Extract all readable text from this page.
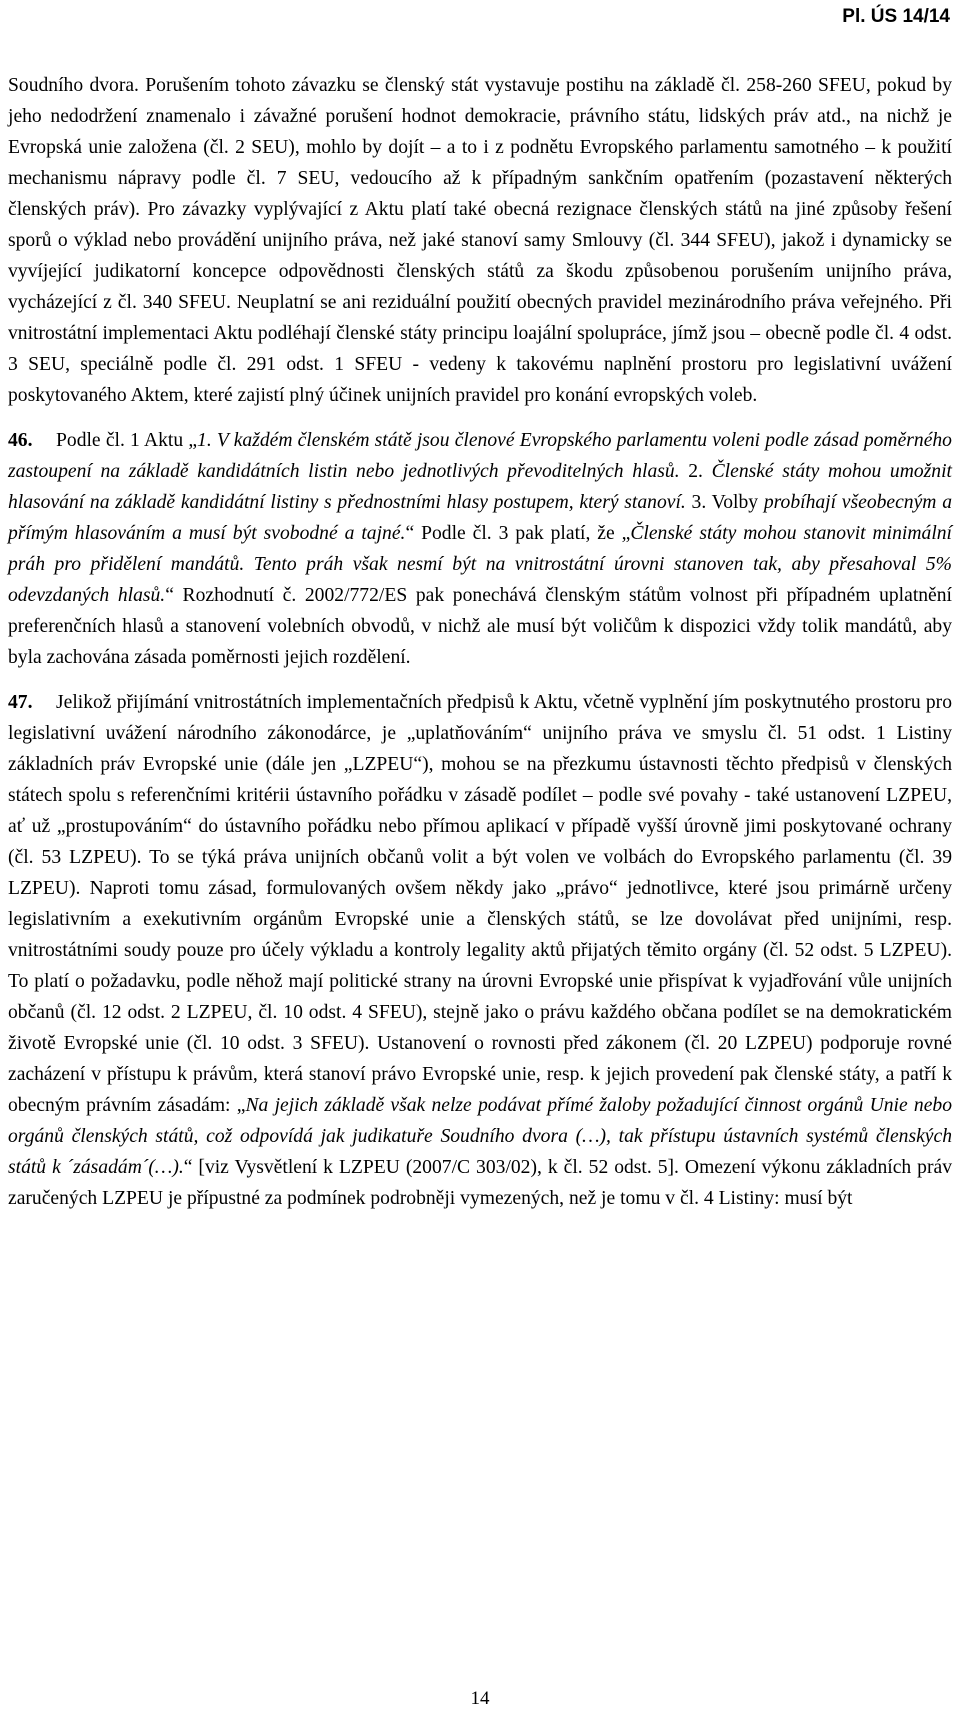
Pl. ÚS 14/14

Soudního dvora. Porušením tohoto závazku se členský stát vystavuje postihu na základě čl. 258-260 SFEU, pokud by jeho nedodržení znamenalo i závažné porušení hodnot demokracie, právního státu, lidských práv atd., na nichž je Evropská unie založena (čl. 2 SEU), mohlo by dojít – a to i z podnětu Evropského parlamentu samotného – k použití mechanismu nápravy podle čl. 7 SEU, vedoucího až k případným sankčním opatřením (pozastavení některých členských práv). Pro závazky vyplývající z Aktu platí také obecná rezignace členských států na jiné způsoby řešení sporů o výklad nebo provádění unijního práva, než jaké stanoví samy Smlouvy (čl. 344 SFEU), jakož i dynamicky se vyvíjející judikatorní koncepce odpovědnosti členských států za škodu způsobenou porušením unijního práva, vycházející z čl. 340 SFEU. Neuplatní se ani reziduální použití obecných pravidel mezinárodního práva veřejného. Při vnitrostátní implementaci Aktu podléhají členské státy principu loajální spolupráce, jímž jsou – obecně podle čl. 4 odst. 3 SEU, speciálně podle čl. 291 odst. 1 SFEU - vedeny k takovému naplnění prostoru pro legislativní uvážení poskytovaného Aktem, které zajistí plný účinek unijních pravidel pro konání evropských voleb.

46. Podle čl. 1 Aktu „1. V každém členském státě jsou členové Evropského parlamentu voleni podle zásad poměrného zastoupení na základě kandidátních listin nebo jednotlivých převoditelných hlasů. 2. Členské státy mohou umožnit hlasování na základě kandidátní listiny s přednostními hlasy postupem, který stanoví. 3. Volby probíhají všeobecným a přímým hlasováním a musí být svobodné a tajné.“ Podle čl. 3 pak platí, že „Členské státy mohou stanovit minimální práh pro přidělení mandátů. Tento práh však nesmí být na vnitrostátní úrovni stanoven tak, aby přesahoval 5% odevzdaných hlasů.“ Rozhodnutí č. 2002/772/ES pak ponechává členským státům volnost při případném uplatnění preferenčních hlasů a stanovení volebních obvodů, v nichž ale musí být voličům k dispozici vždy tolik mandátů, aby byla zachována zásada poměrnosti jejich rozdělení.

47. Jelikož přijímání vnitrostátních implementačních předpisů k Aktu, včetně vyplnění jím poskytnutého prostoru pro legislativní uvážení národního zákonodárce, je „uplatňováním“ unijního práva ve smyslu čl. 51 odst. 1 Listiny základních práv Evropské unie (dále jen „LZPEU“), mohou se na přezkumu ústavnosti těchto předpisů v členských státech spolu s referenčními kritérii ústavního pořádku v zásadě podílet – podle své povahy - také ustanovení LZPEU, ať už „prostupováním“ do ústavního pořádku nebo přímou aplikací v případě vyšší úrovně jimi poskytované ochrany (čl. 53 LZPEU). To se týká práva unijních občanů volit a být volen ve volbách do Evropského parlamentu (čl. 39 LZPEU). Naproti tomu zásad, formulovaných ovšem někdy jako „právo“ jednotlivce, které jsou primárně určeny legislativním a exekutivním orgánům Evropské unie a členských států, se lze dovolávat před unijními, resp. vnitrostátními soudy pouze pro účely výkladu a kontroly legality aktů přijatých těmito orgány (čl. 52 odst. 5 LZPEU). To platí o požadavku, podle něhož mají politické strany na úrovni Evropské unie přispívat k vyjadřování vůle unijních občanů (čl. 12 odst. 2 LZPEU, čl. 10 odst. 4 SFEU), stejně jako o právu každého občana podílet se na demokratickém životě Evropské unie (čl. 10 odst. 3 SFEU). Ustanovení o rovnosti před zákonem (čl. 20 LZPEU) podporuje rovné zacházení v přístupu k právům, která stanoví právo Evropské unie, resp. k jejich provedení pak členské státy, a patří k obecným právním zásadám: „Na jejich základě však nelze podávat přímé žaloby požadující činnost orgánů Unie nebo orgánů členských států, což odpovídá jak judikatuře Soudního dvora (…), tak přístupu ústavních systémů členských států k ´zásadám´(…).“ [viz Vysvětlení k LZPEU (2007/C 303/02), k čl. 52 odst. 5]. Omezení výkonu základních práv zaručených LZPEU je přípustné za podmínek podrobněji vymezených, než je tomu v čl. 4 Listiny: musí být

14
